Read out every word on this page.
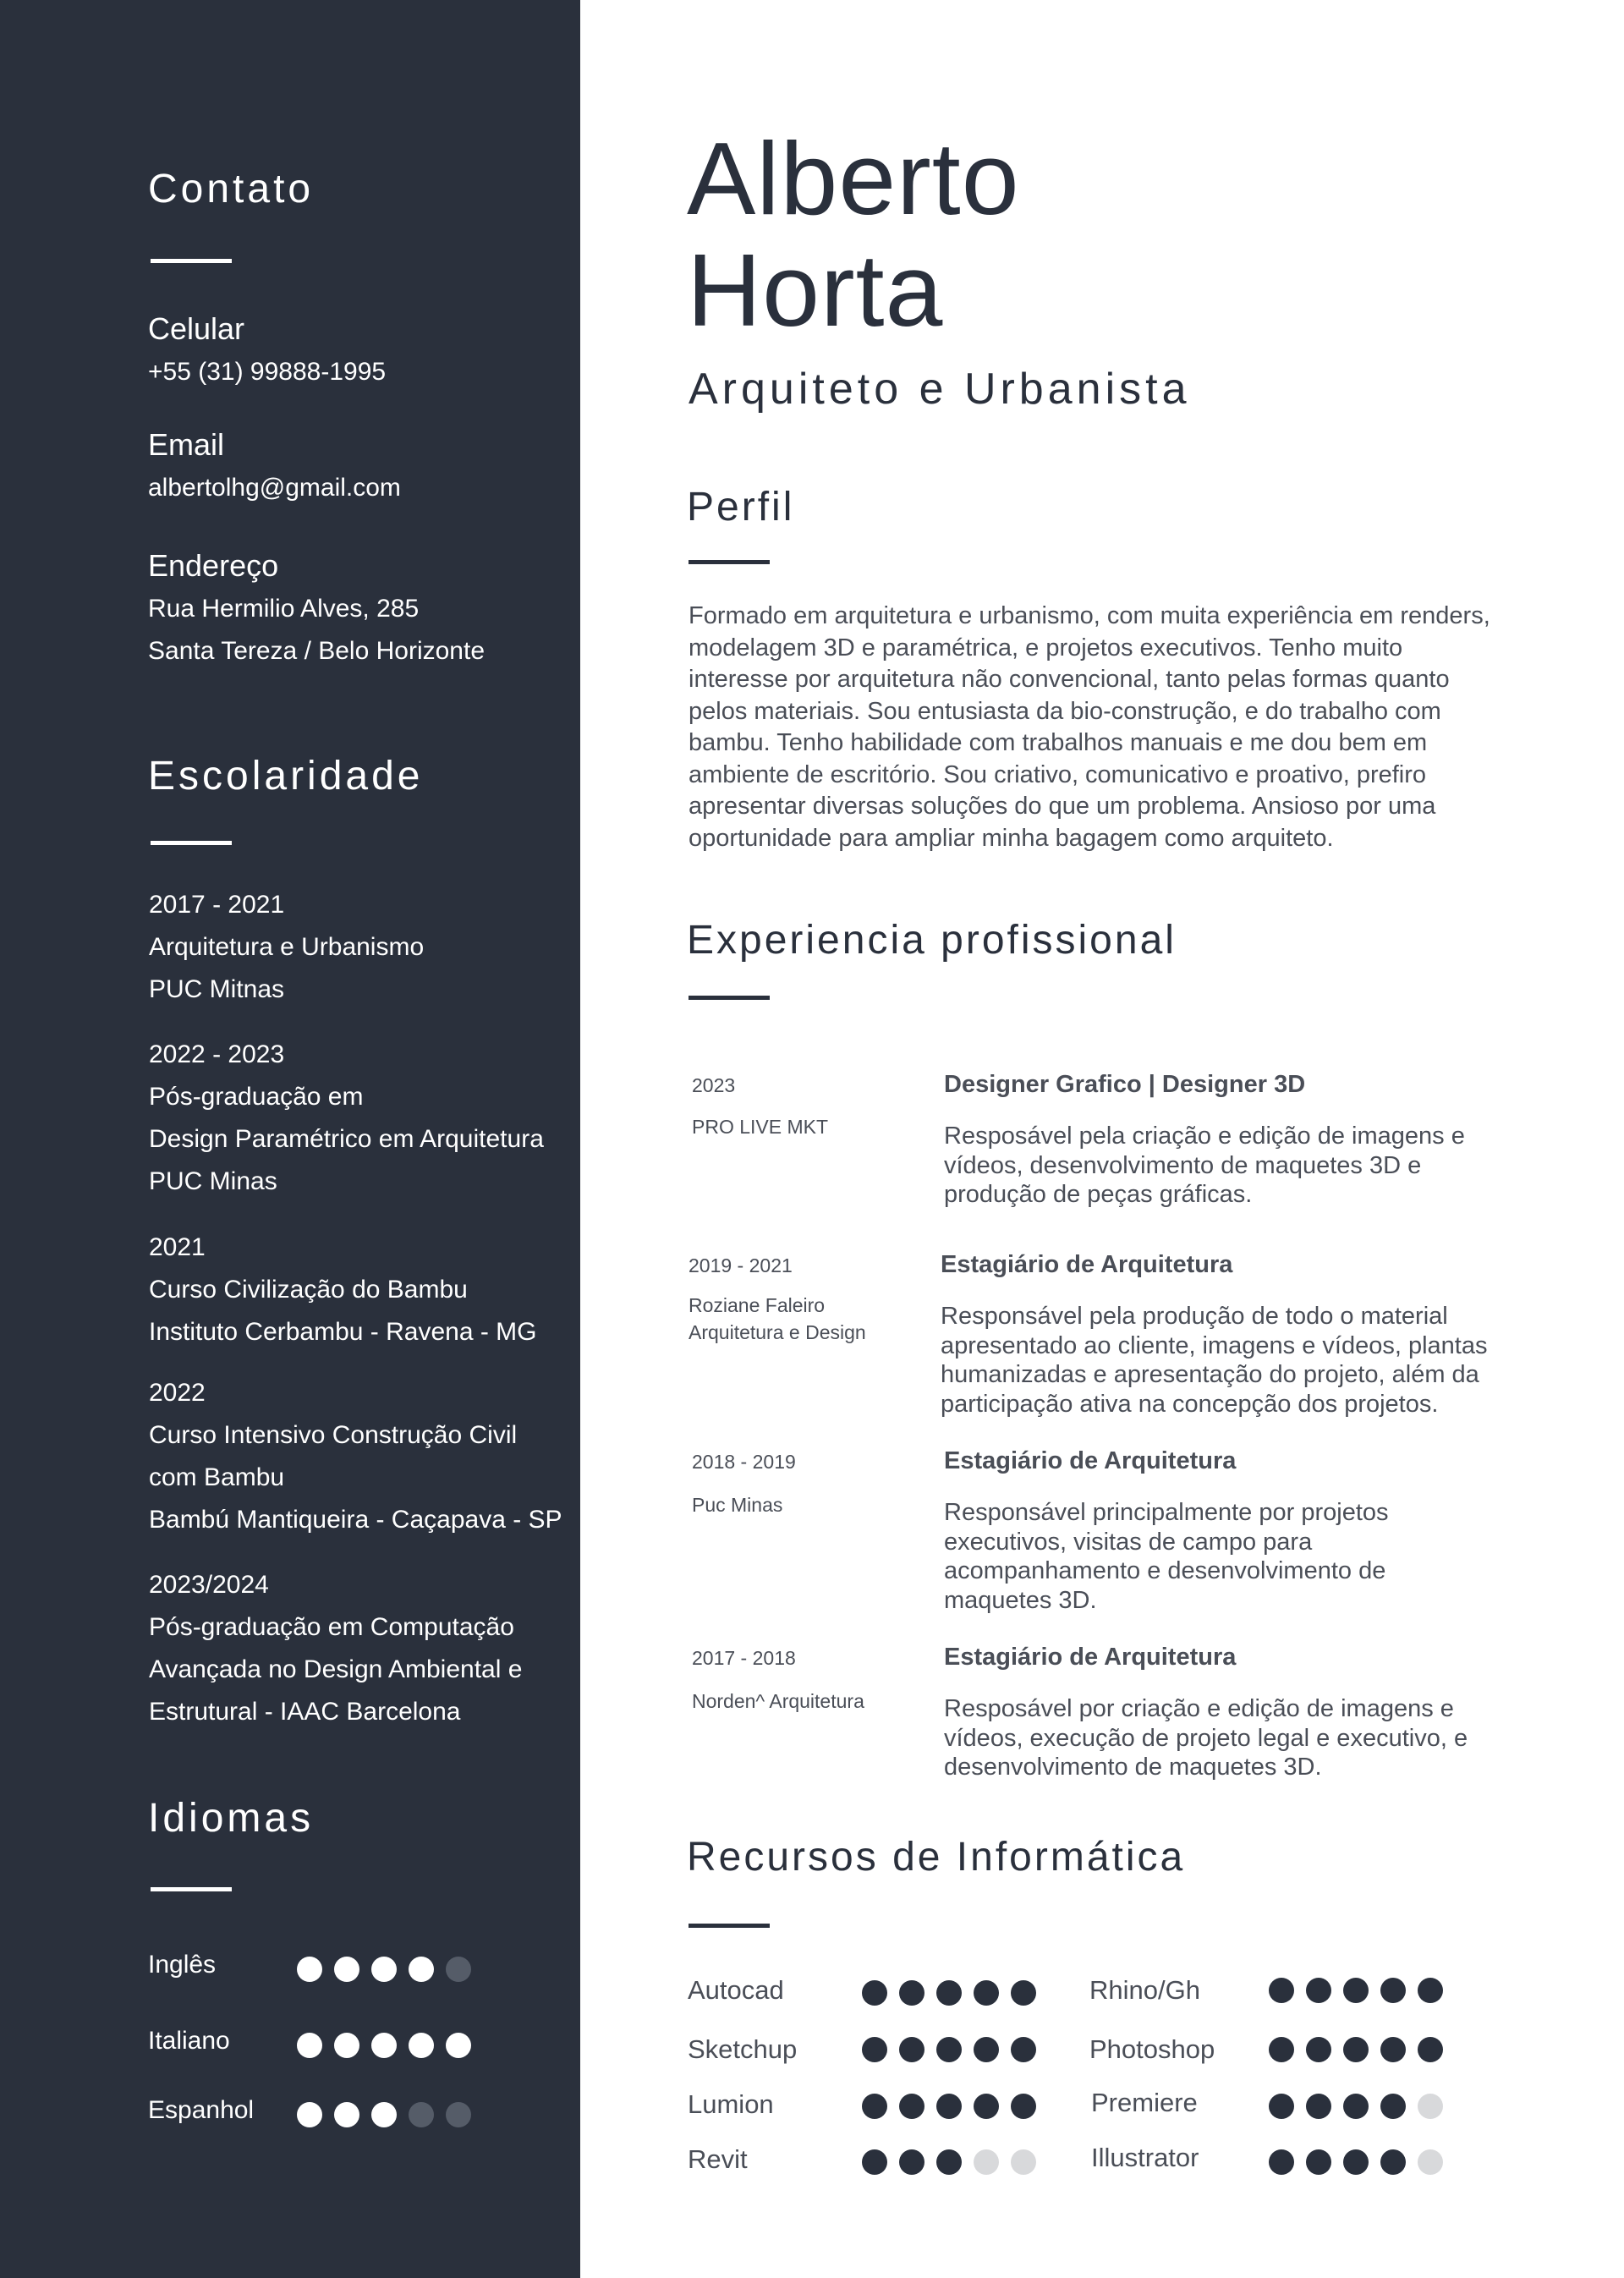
Contato
Celular
+55 (31) 99888-1995
Email
albertolhg@gmail.com
Endereço
Rua Hermilio Alves, 285
Santa Tereza / Belo Horizonte
Escolaridade
2017 - 2021
Arquitetura e Urbanismo
PUC Mitnas
2022 - 2023
Pós-graduação em
Design Paramétrico em Arquitetura
PUC Minas
2021
Curso Civilização do Bambu
Instituto Cerbambu - Ravena - MG
2022
Curso Intensivo Construção Civil
com Bambu
Bambú Mantiqueira - Caçapava - SP
2023/2024
Pós-graduação em Computação
Avançada no Design Ambiental e
Estrutural - IAAC Barcelona
Idiomas
Inglês
Italiano
Espanhol
Alberto
Horta
Arquiteto e Urbanista
Perfil
Formado em arquitetura e urbanismo, com muita experiência em renders, modelagem 3D e paramétrica, e projetos executivos. Tenho muito interesse por arquitetura não convencional, tanto pelas formas quanto pelos materiais. Sou entusiasta da bio-construção, e do trabalho com bambu. Tenho habilidade com trabalhos manuais e me dou bem em ambiente de escritório. Sou criativo, comunicativo e proativo, prefiro apresentar diversas soluções do que um problema. Ansioso por uma oportunidade para ampliar minha bagagem como arquiteto.
Experiencia profissional
2023
PRO LIVE MKT
Designer Grafico | Designer 3D
Resposável pela criação e edição de imagens e vídeos, desenvolvimento de maquetes 3D e produção de peças gráficas.
2019 - 2021
Roziane Faleiro
Arquitetura e Design
Estagiário de Arquitetura
Responsável pela produção de todo o material apresentado ao cliente, imagens e vídeos, plantas humanizadas e apresentação do projeto, além da participação ativa na concepção dos projetos.
2018 - 2019
Puc Minas
Estagiário de Arquitetura
Responsável principalmente por projetos executivos, visitas de campo para acompanhamento e desenvolvimento de maquetes 3D.
2017 - 2018
Norden^ Arquitetura
Estagiário de Arquitetura
Resposável por criação e edição de imagens e vídeos, execução de projeto legal e executivo, e desenvolvimento de maquetes 3D.
Recursos de Informática
Autocad
Sketchup
Lumion
Revit
Rhino/Gh
Photoshop
Premiere
Illustrator
